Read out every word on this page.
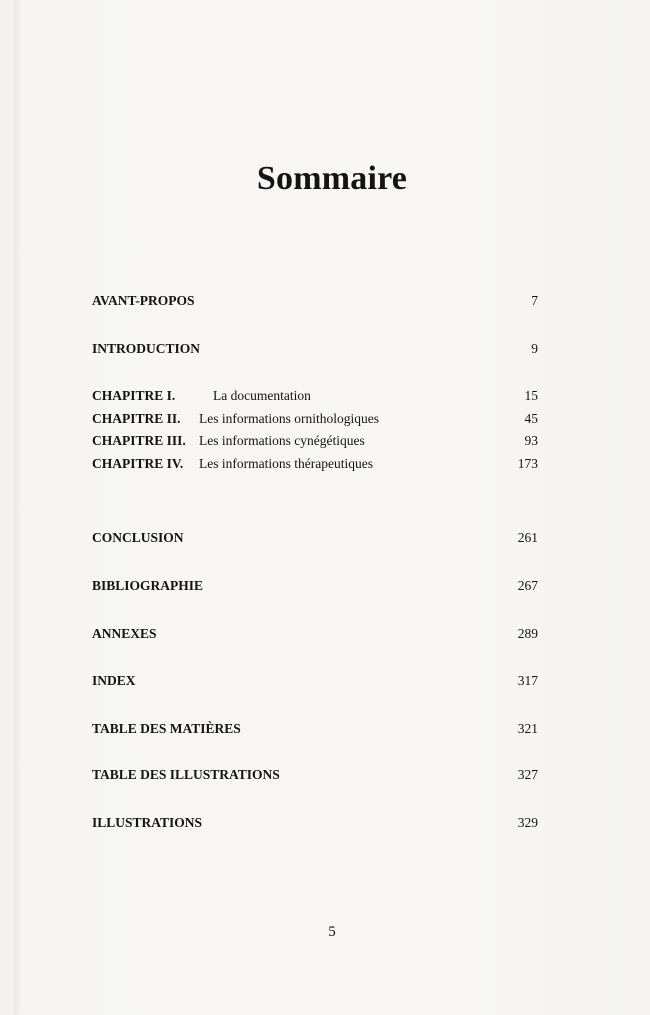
Sommaire
AVANT-PROPOS	7
INTRODUCTION	9
CHAPITRE I.	La documentation	15
CHAPITRE II. Les informations ornithologiques	45
CHAPITRE III. Les informations cynégétiques	93
CHAPITRE IV. Les informations thérapeutiques	173
CONCLUSION	261
BIBLIOGRAPHIE	267
ANNEXES	289
INDEX	317
TABLE DES MATIÈRES	321
TABLE DES ILLUSTRATIONS	327
ILLUSTRATIONS	329
5
